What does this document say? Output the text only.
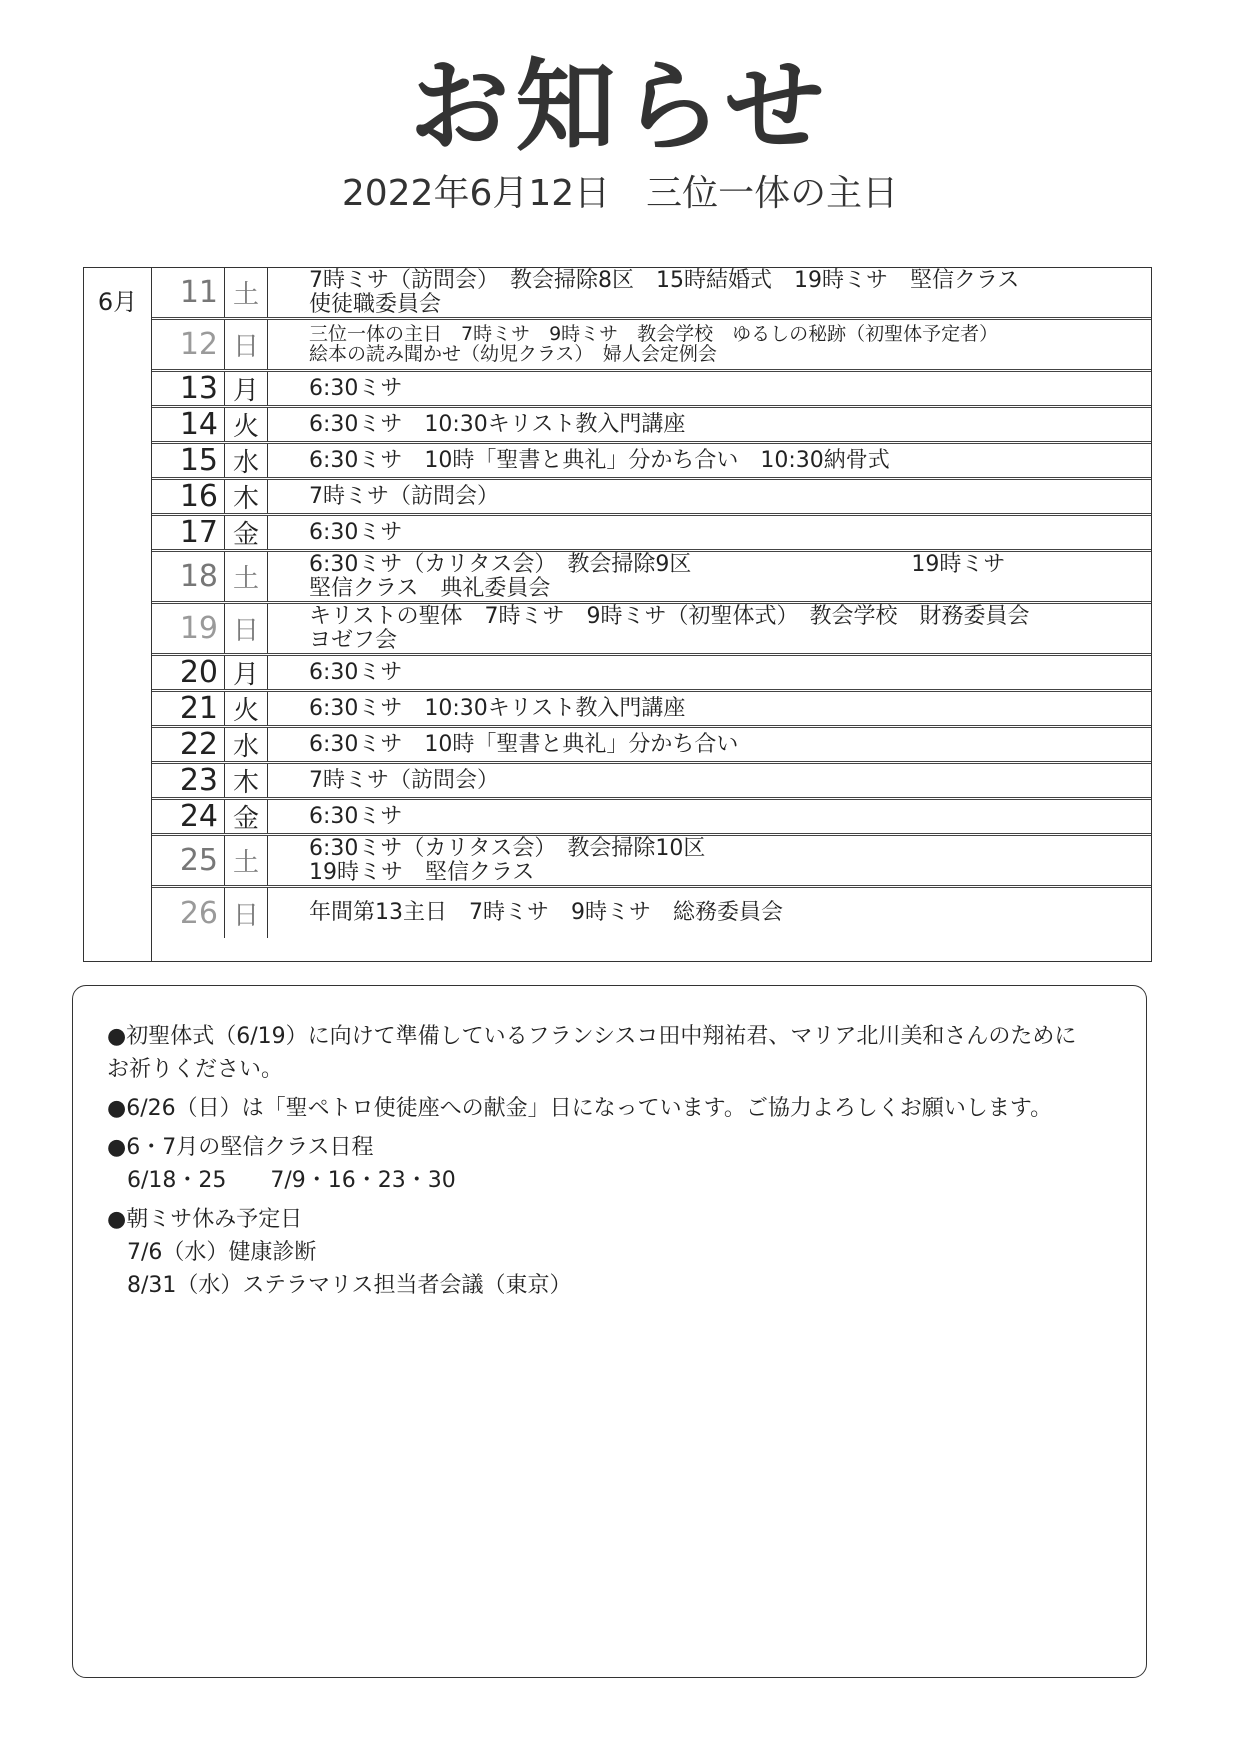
お知らせ
2022年6月12日　三位一体の主日
6月	11 土	7時ミサ（訪問会）　教会掃除8区　15時結婚式　19時ミサ　堅信クラス
使徒職委員会
12 日	三位一体の主日　7時ミサ　9時ミサ　教会学校　ゆるしの秘跡（初聖体予定者）
絵本の読み聞かせ（幼児クラス）　婦人会定例会
13 月	6:30ミサ
14 火	6:30ミサ　10:30キリスト教入門講座
15 水	6:30ミサ　10時「聖書と典礼」分かち合い　10:30納骨式
16 木	7時ミサ（訪問会）
17 金	6:30ミサ
18 土	6:30ミサ（カリタス会）　教会掃除9区　　　　　　　　　　19時ミサ
堅信クラス　典礼委員会
19 日	キリストの聖体　7時ミサ　9時ミサ（初聖体式）　教会学校　財務委員会
ヨゼフ会
20 月	6:30ミサ
21 火	6:30ミサ　10:30キリスト教入門講座
22 水	6:30ミサ　10時「聖書と典礼」分かち合い
23 木	7時ミサ（訪問会）
24 金	6:30ミサ
25 土	6:30ミサ（カリタス会）　教会掃除10区
19時ミサ　堅信クラス
26 日	年間第13主日　7時ミサ　9時ミサ　総務委員会
●初聖体式（6/19）に向けて準備しているフランシスコ田中翔祐君、マリア北川美和さんのために
お祈りください。
●6/26（日）は「聖ペトロ使徒座への献金」日になっています。ご協力よろしくお願いします。
●6・7月の堅信クラス日程
6/18・25　　7/9・16・23・30
●朝ミサ休み予定日
7/6（水）健康診断
8/31（水）ステラマリス担当者会議（東京）
